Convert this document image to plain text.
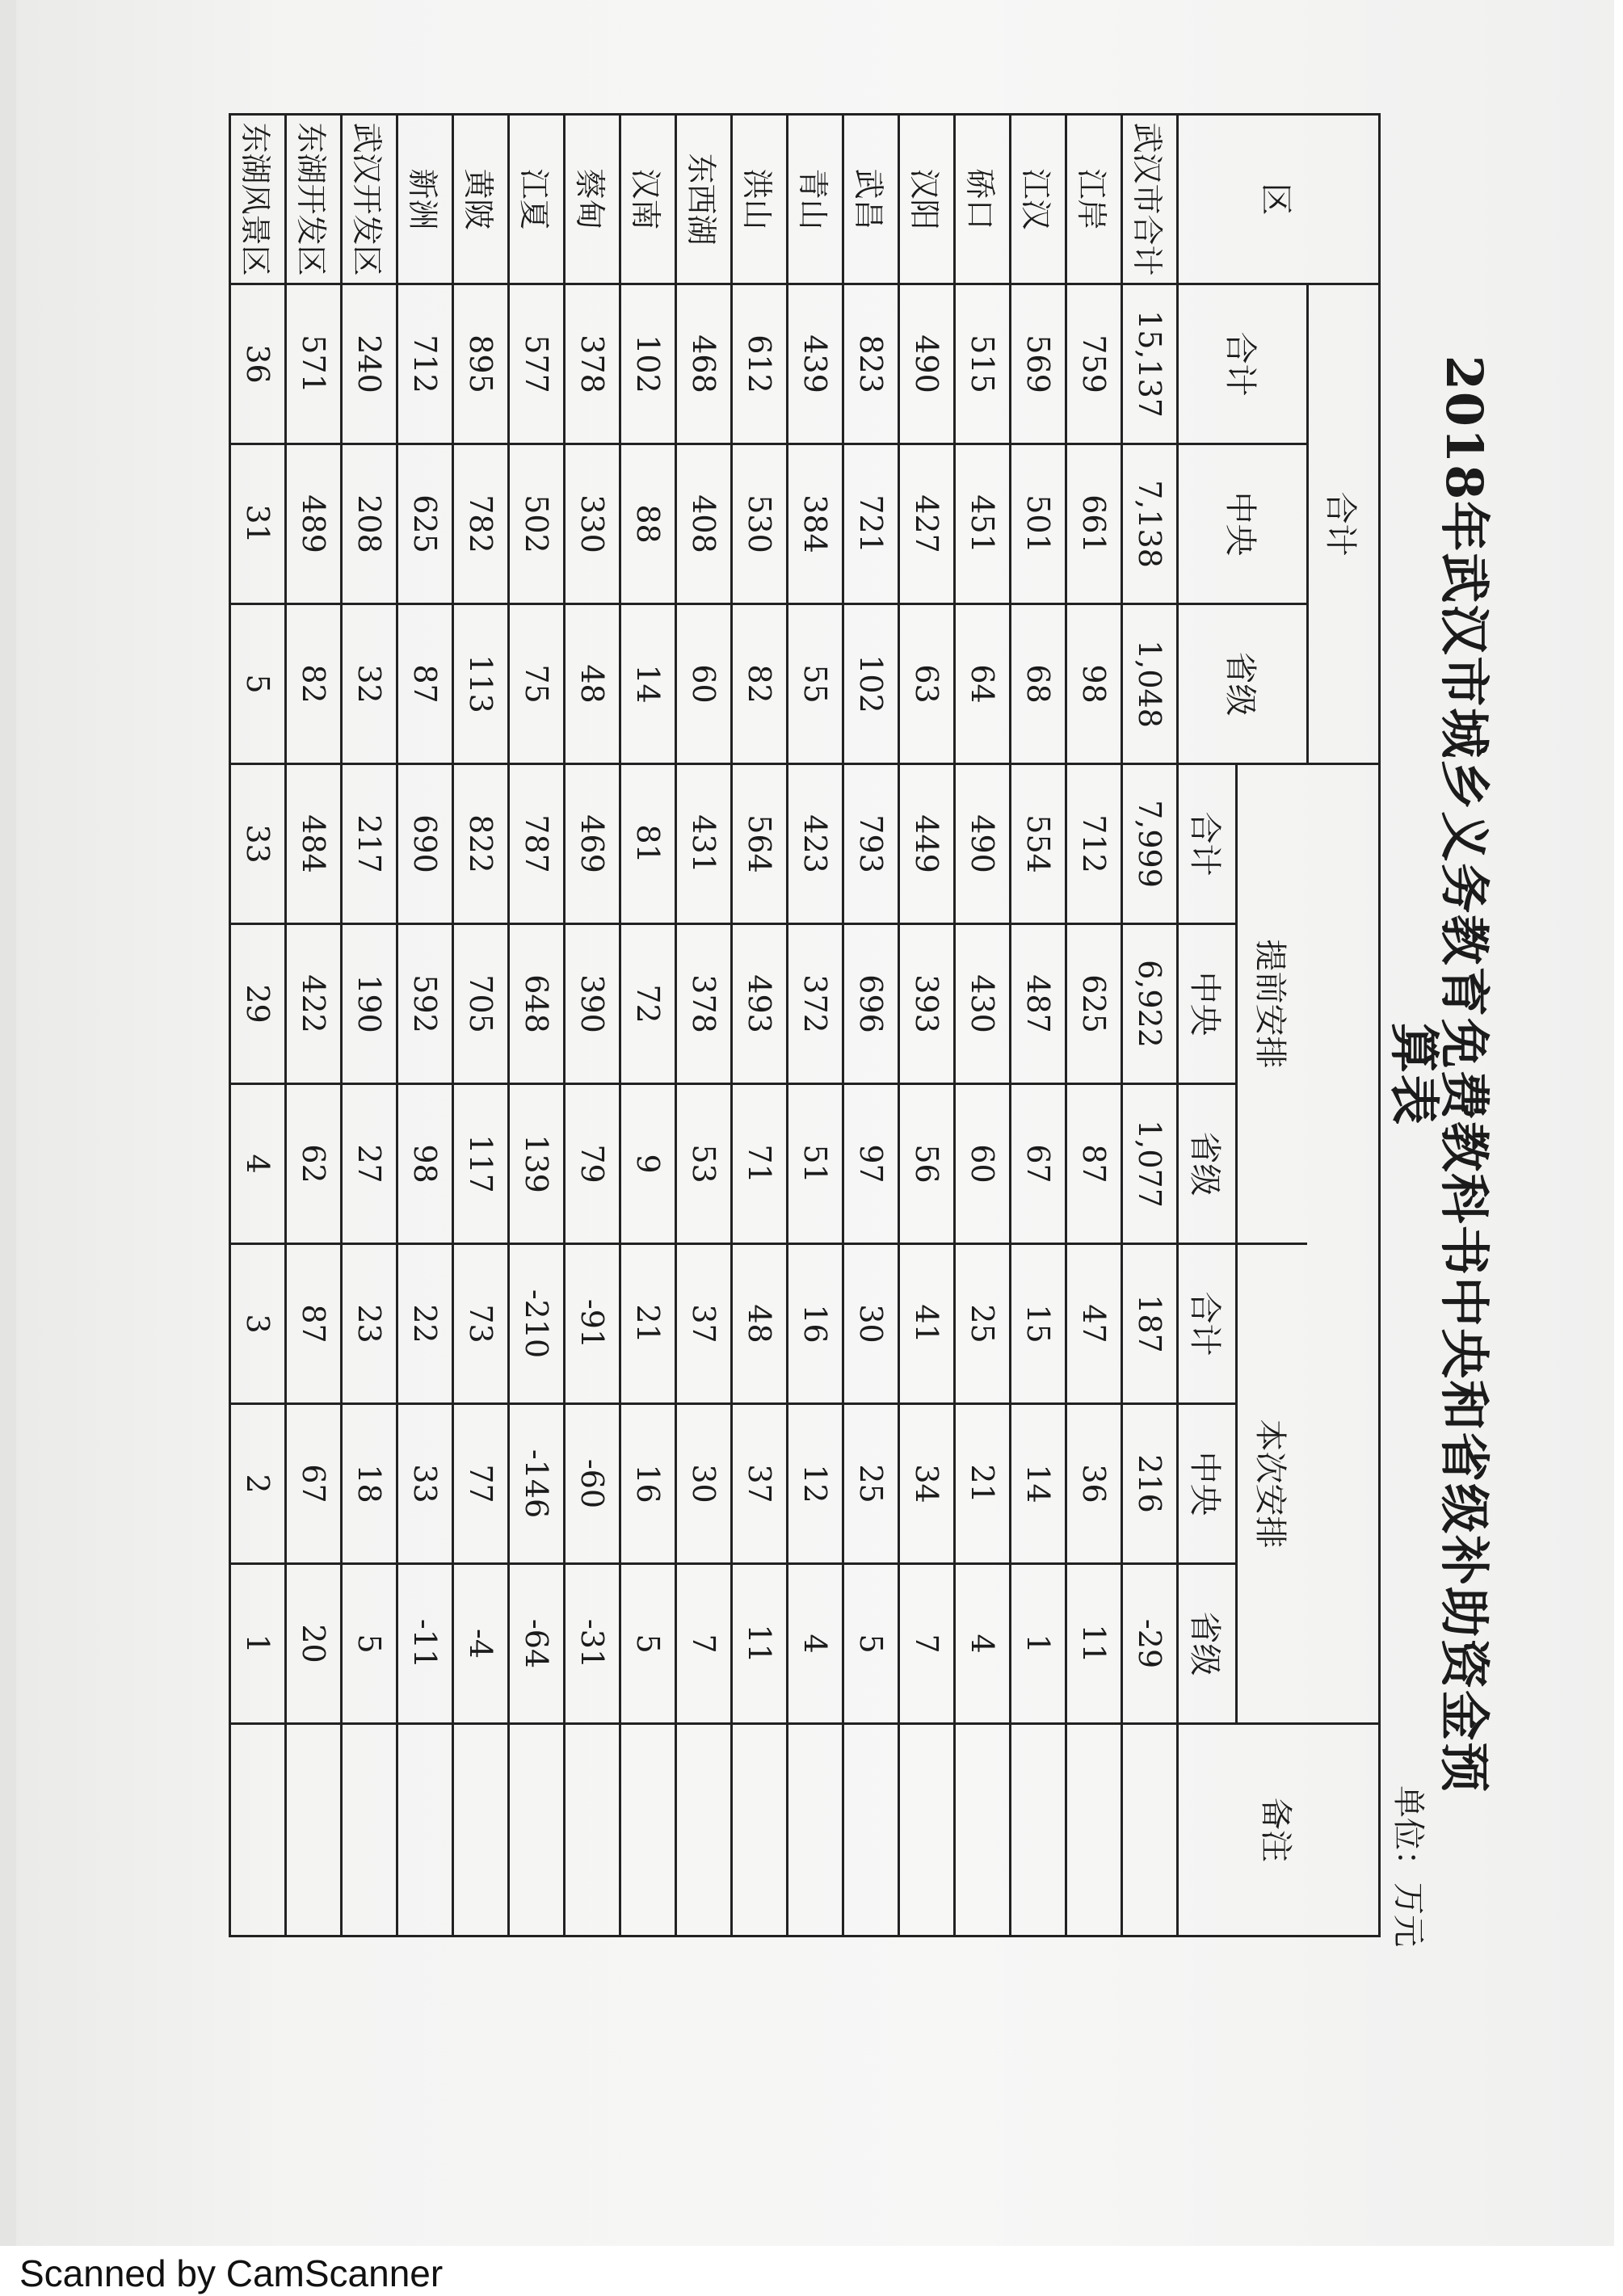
2018年武汉市城乡义务教育免费教科书中央和省级补助资金预算表
单位：万元
区	合计									备注
	合计	中央	省级	提前安排			本次安排			
				合计	中央	省级	合计	中央	省级	
武汉市合计	15,137	7,138	1,048	7,999	6,922	1,077	187	216	-29	
江岸	759	661	98	712	625	87	47	36	11	
江汉	569	501	68	554	487	67	15	14	1	
硚口	515	451	64	490	430	60	25	21	4	
汉阳	490	427	63	449	393	56	41	34	7	
武昌	823	721	102	793	696	97	30	25	5	
青山	439	384	55	423	372	51	16	12	4	
洪山	612	530	82	564	493	71	48	37	11	
东西湖	468	408	60	431	378	53	37	30	7	
汉南	102	88	14	81	72	9	21	16	5	
蔡甸	378	330	48	469	390	79	-91	-60	-31	
江夏	577	502	75	787	648	139	-210	-146	-64	
黄陂	895	782	113	822	705	117	73	77	-4	
新洲	712	625	87	690	592	98	22	33	-11	
武汉开发区	240	208	32	217	190	27	23	18	5	
东湖开发区	571	489	82	484	422	62	87	67	20	
东湖风景区	36	31	5	33	29	4	3	2	1	
Scanned by CamScanner
